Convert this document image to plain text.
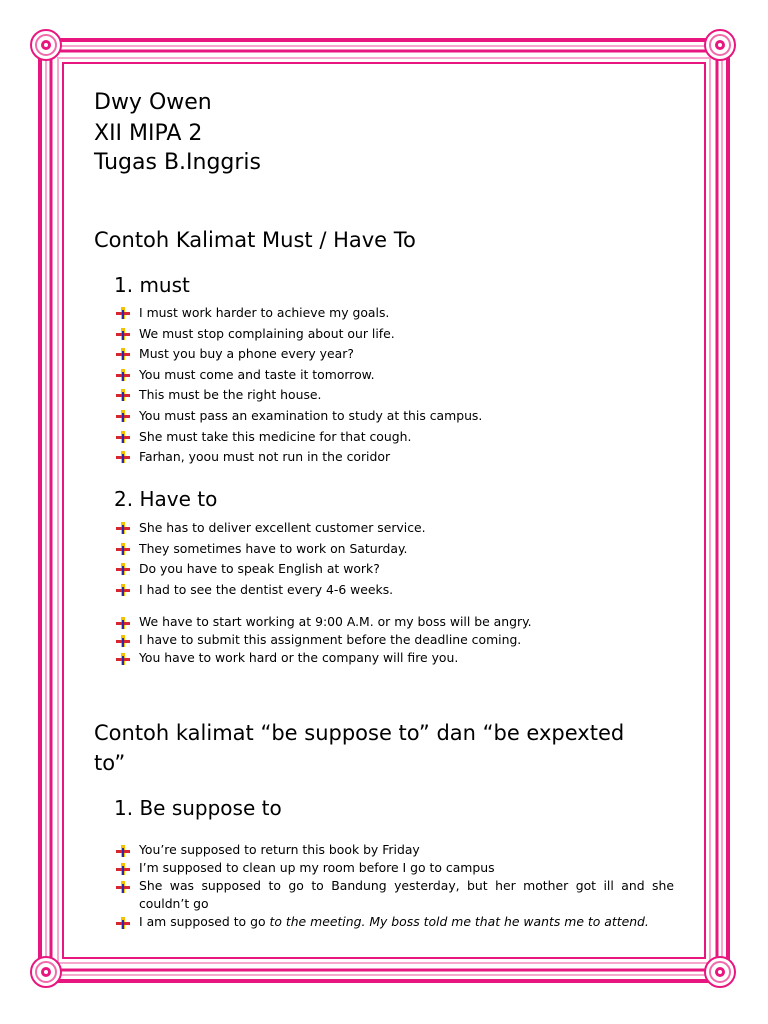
Dwy Owen
XII MIPA 2
Tugas B.Inggris
Contoh Kalimat Must / Have To
1. must
I must work harder to achieve my goals.
We must stop complaining about our life.
Must you buy a phone every year?
You must come and taste it tomorrow.
This must be the right house.
You must pass an examination to study at this campus.
She must take this medicine for that cough.
Farhan, yoou must not run in the coridor
2. Have to
She has to deliver excellent customer service.
They sometimes have to work on Saturday.
Do you have to speak English at work?
I had to see the dentist every 4-6 weeks.
We have to start working at 9:00 A.M. or my boss will be angry.
I have to submit this assignment before the deadline coming.
You have to work hard or the company will fire you.
Contoh kalimat “be suppose to” dan “be expexted
to”
1. Be suppose to
You’re supposed to return this book by Friday
I’m supposed to clean up my room before I go to campus
She was supposed to go to Bandung yesterday, but her mother got ill and she couldn’t go
I am supposed to go to the meeting. My boss told me that he wants me to attend.
